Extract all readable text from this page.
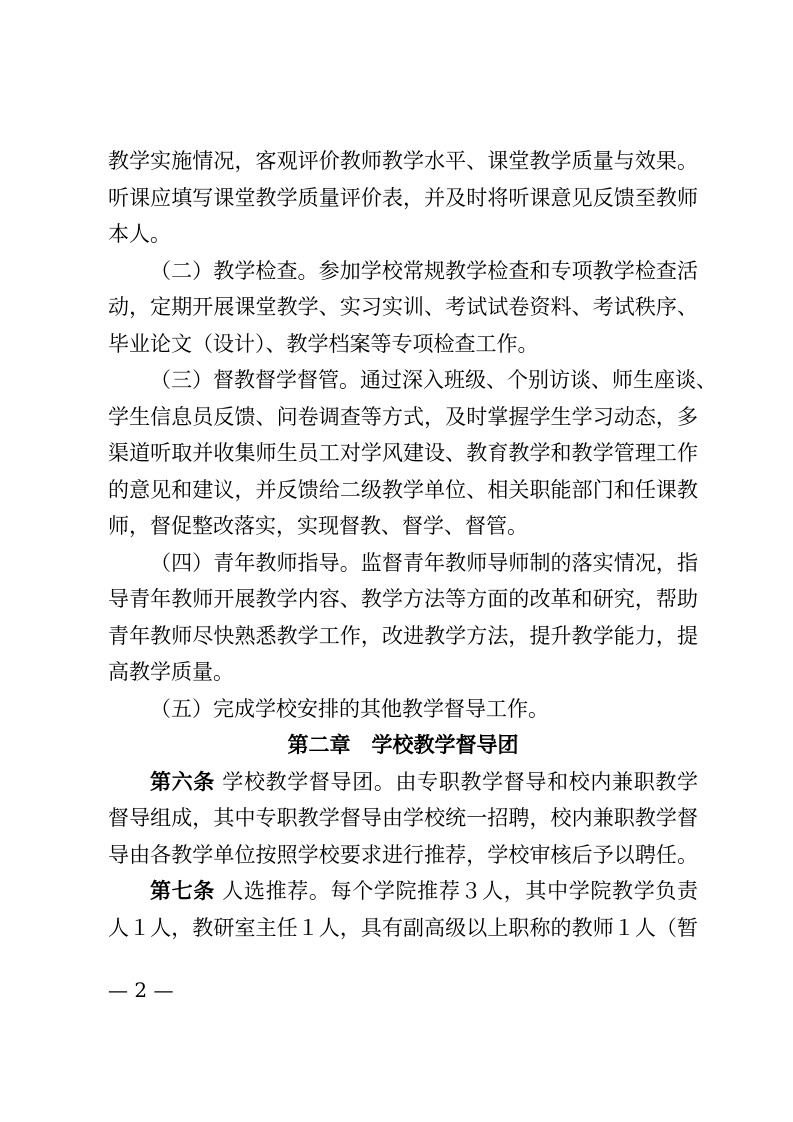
教学实施情况，客观评价教师教学水平、课堂教学质量与效果。
听课应填写课堂教学质量评价表，并及时将听课意见反馈至教师
本人。
（二）教学检查。参加学校常规教学检查和专项教学检查活
动，定期开展课堂教学、实习实训、考试试卷资料、考试秩序、
毕业论文（设计）、教学档案等专项检查工作。
（三）督教督学督管。通过深入班级、个别访谈、师生座谈、
学生信息员反馈、问卷调查等方式，及时掌握学生学习动态，多
渠道听取并收集师生员工对学风建设、教育教学和教学管理工作
的意见和建议，并反馈给二级教学单位、相关职能部门和任课教
师，督促整改落实，实现督教、督学、督管。
（四）青年教师指导。监督青年教师导师制的落实情况，指
导青年教师开展教学内容、教学方法等方面的改革和研究，帮助
青年教师尽快熟悉教学工作，改进教学方法，提升教学能力，提
高教学质量。
（五）完成学校安排的其他教学督导工作。
第二章　学校教学督导团
第六条 学校教学督导团。由专职教学督导和校内兼职教学
督导组成，其中专职教学督导由学校统一招聘，校内兼职教学督
导由各教学单位按照学校要求进行推荐，学校审核后予以聘任。
第七条 人选推荐。每个学院推荐３人，其中学院教学负责
人１人，教研室主任１人，具有副高级以上职称的教师１人（暂
— 2 —
